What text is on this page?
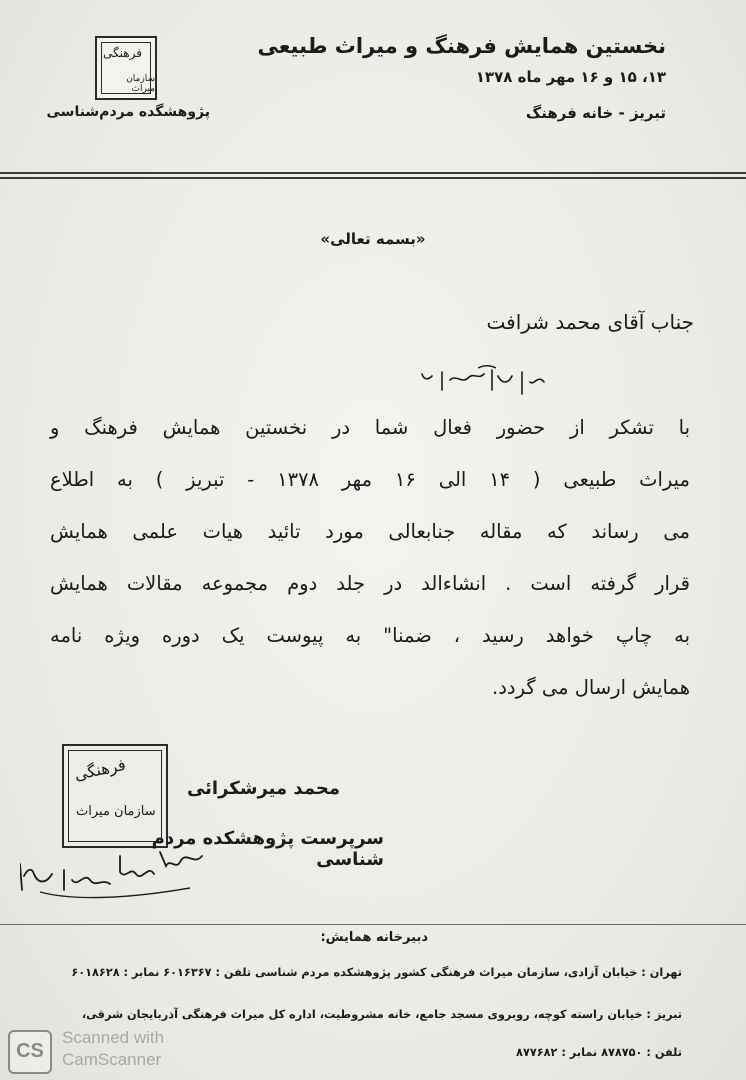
فرهنگی
سازمان میراث
پژوهشگده مردم‌شناسی
نخستین همایش فرهنگ و میراث طبیعی
۱۳، ۱۵ و ۱۶ مهر ماه ۱۳۷۸
تبریز - خانه فرهنگ
«بسمه تعالی»
جناب آقای محمد شرافت
با تشکر از حضور فعال شما در نخستین همایش فرهنگ و
میراث طبیعی ( ۱۴ الی ۱۶ مهر ۱۳۷۸ - تبریز ) به اطلاع
می رساند که مقاله جنابعالی مورد تائید هیات علمی همایش
قرار گرفته است . انشاءالد در جلد دوم مجموعه مقالات همایش
به چاپ خواهد رسید ، ضمنا" به پیوست یک دوره ویژه نامه
همایش ارسال می گردد.
فرهنگی
سازمان میراث
محمد میرشکرائی
سرپرست پژوهشکده مردم شناسی
دبیرخانه همایش:
تهران : خیابان آزادی، سازمان میراث فرهنگی کشور پژوهشکده مردم شناسی تلفن : ۶۰۱۶۳۶۷ نمابر : ۶۰۱۸۶۲۸
تبریز : خیابان راسته کوچه، روبروی مسجد جامع، خانه مشروطیت، اداره کل میراث فرهنگی آذربایجان شرقی،
تلفن : ۸۷۸۷۵۰ نمابر : ۸۷۷۶۸۲
CS
Scanned with
CamScanner
